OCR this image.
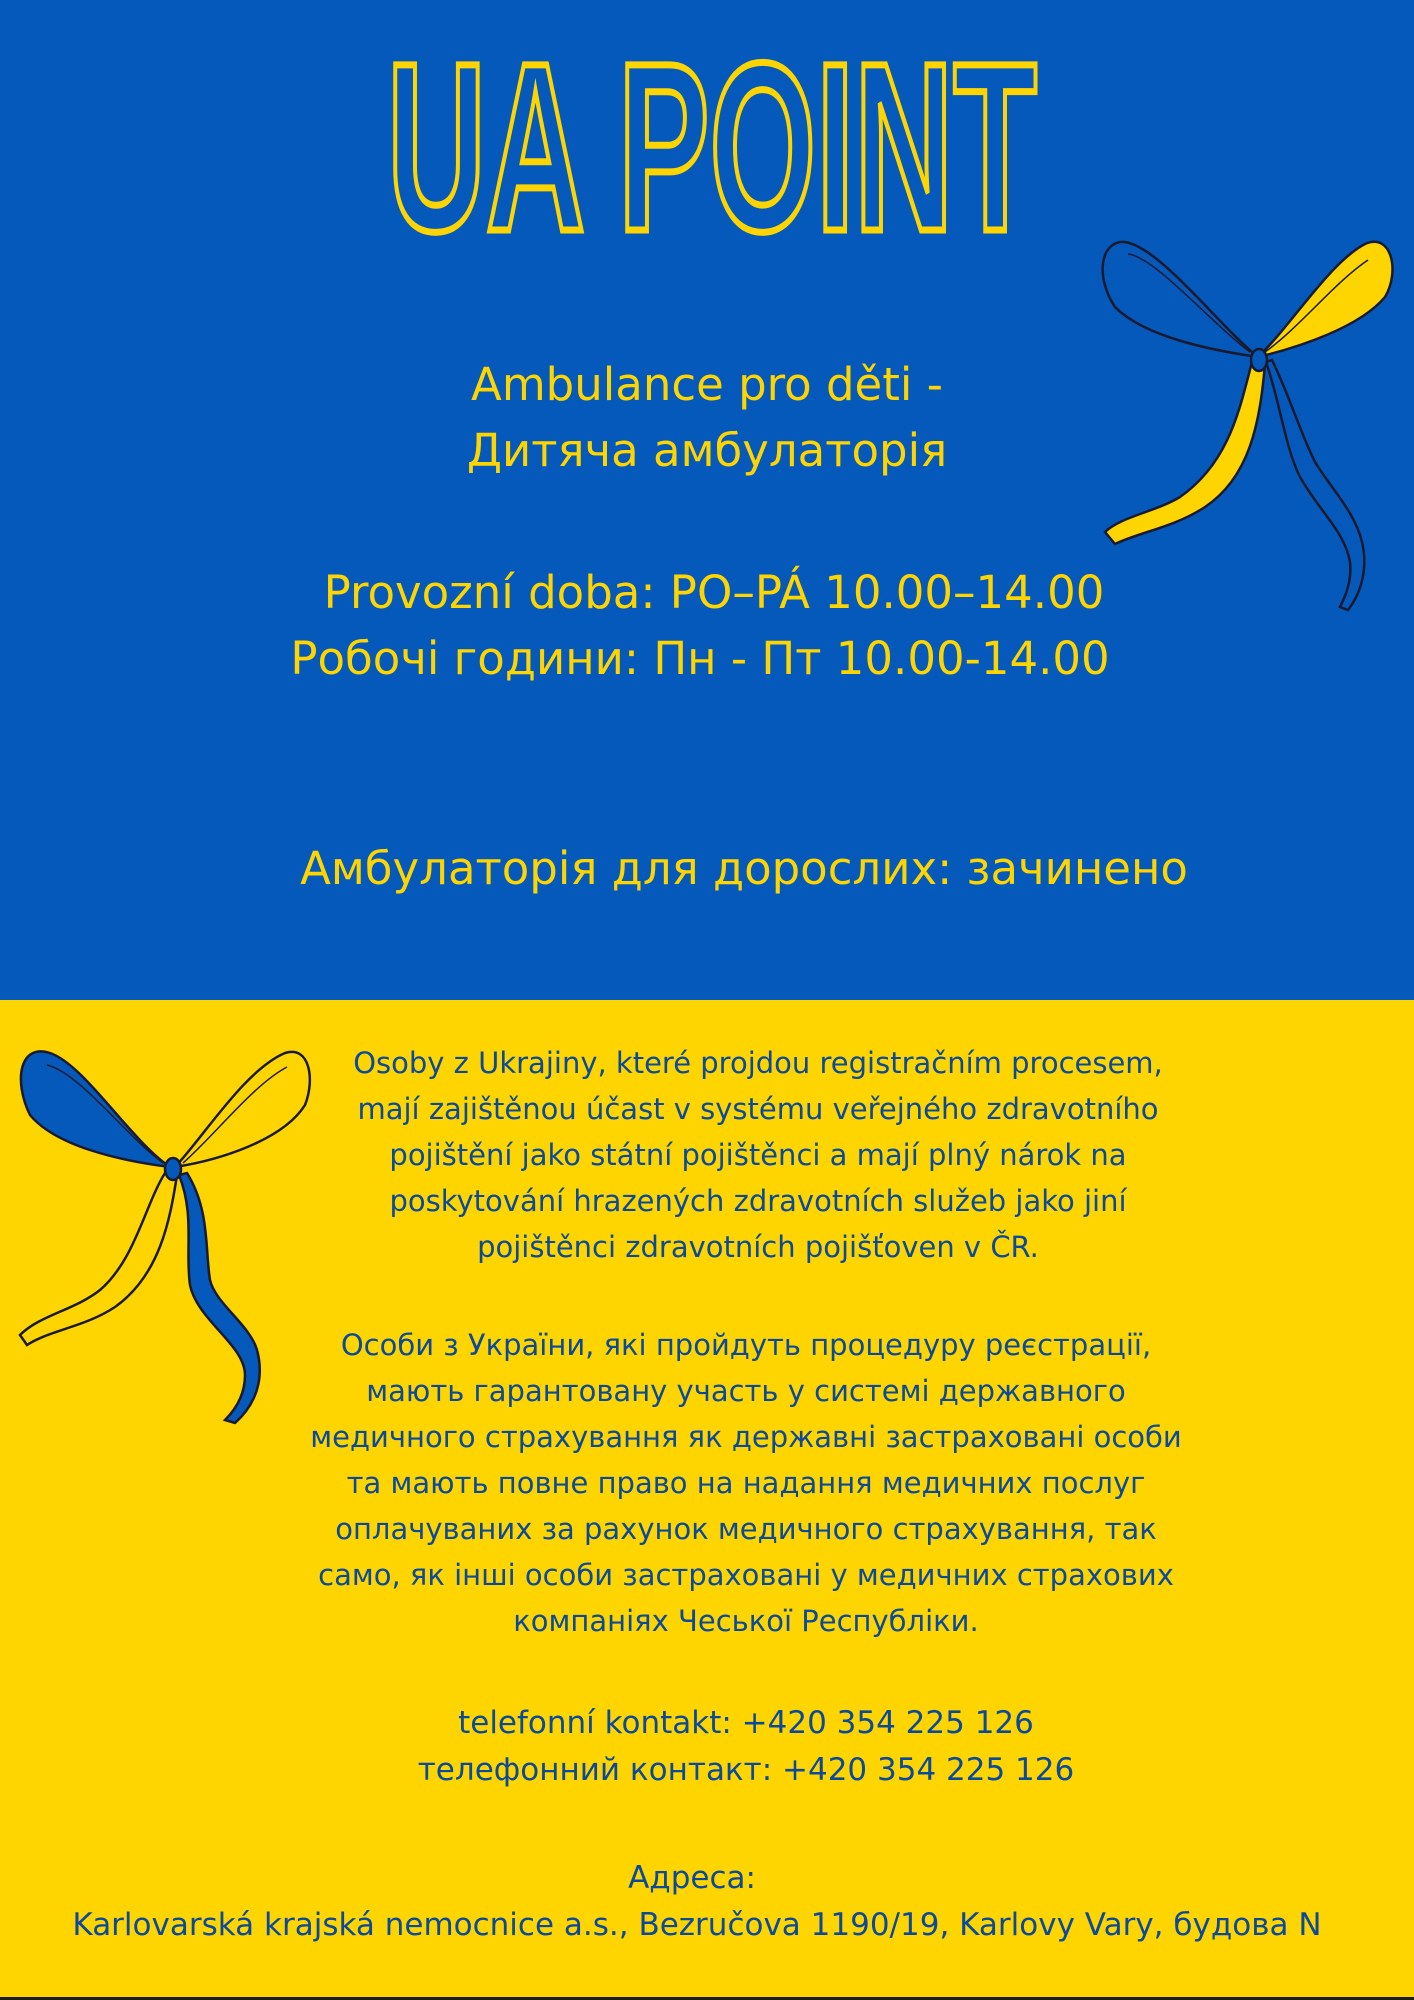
UA POINT
Ambulance pro děti -
Дитяча амбулаторія
Provozní doba: PO–PÁ 10.00–14.00
Робочі години: Пн - Пт 10.00-14.00
Амбулаторія для дорослих: зачинено
Osoby z Ukrajiny, které projdou registračním procesem,
mají zajištěnou účast v systému veřejného zdravotního
pojištění jako státní pojištěnci a mají plný nárok na
poskytování hrazených zdravotních služeb jako jiní
pojištěnci zdravotních pojišťoven v ČR.
Особи з України, які пройдуть процедуру реєстрації,
мають гарантовану участь у системі державного
медичного страхування як державні застраховані особи
та мають повне право на надання медичних послуг
оплачуваних за рахунок медичного страхування, так
само, як інші особи застраховані у медичних страхових
компаніях Чеської Республіки.
telefonní kontakt: +420 354 225 126
телефонний контакт: +420 354 225 126
Адреса:
Karlovarská krajská nemocnice a.s., Bezručova 1190/19, Karlovy Vary, будова N
